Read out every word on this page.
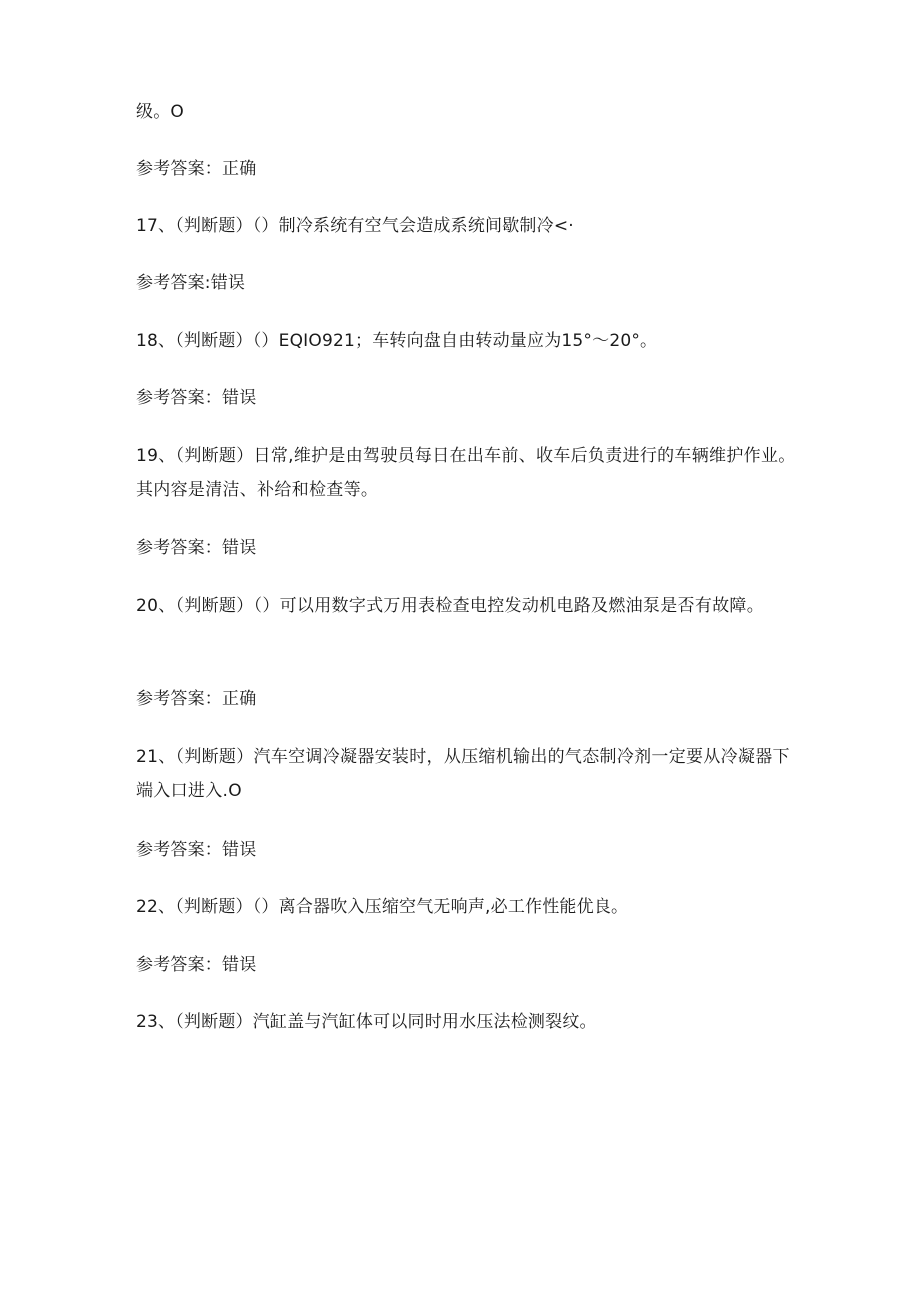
级。O
参考答案：正确
17、（判断题）（）制冷系统有空气会造成系统间歇制冷<·
参考答案:错误
18、（判断题）（）EQIO921；车转向盘自由转动量应为15°～20°。
参考答案：错误
19、（判断题）日常,维护是由驾驶员每日在出车前、收车后负责进行的车辆维护作业。其内容是清洁、补给和检查等。
参考答案：错误
20、（判断题）（）可以用数字式万用表检查电控发动机电路及燃油泵是否有故障。
参考答案：正确
21、（判断题）汽车空调冷凝器安装时，从压缩机输出的气态制冷剂一定要从冷凝器下端入口进入.O
参考答案：错误
22、（判断题）（）离合器吹入压缩空气无响声,必工作性能优良。
参考答案：错误
23、（判断题）汽缸盖与汽缸体可以同时用水压法检测裂纹。
